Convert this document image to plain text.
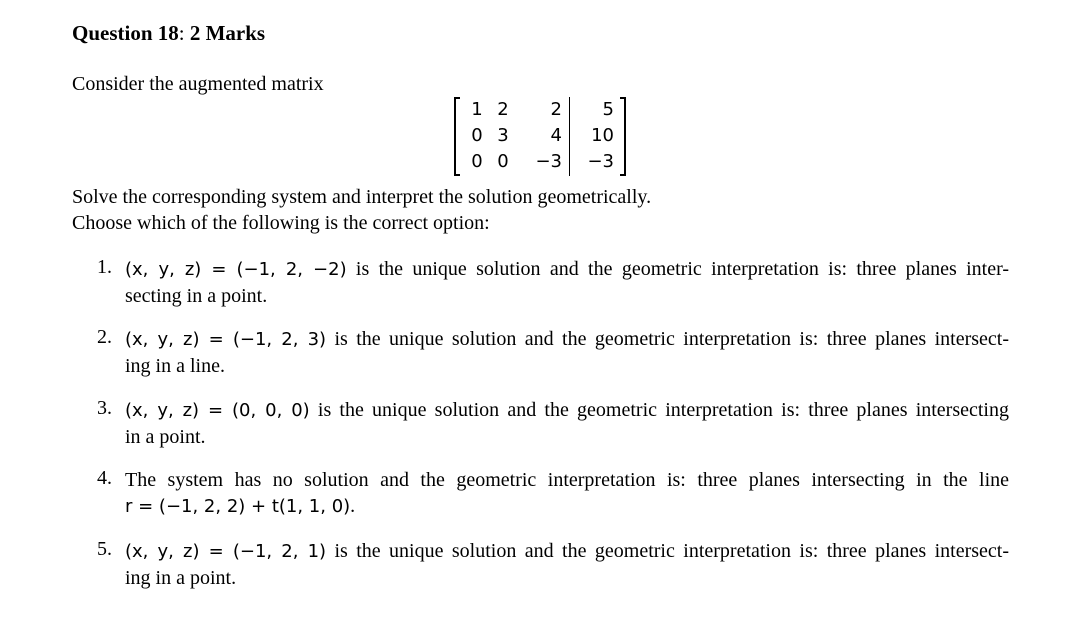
Question 18: 2 Marks
Consider the augmented matrix
1 2	2	5
0 3	4	10
0 0	−3	−3
Solve the corresponding system and interpret the solution geometrically.
Choose which of the following is the correct option:
1. (x, y, z) = (−1, 2, −2) is the unique solution and the geometric interpretation is: three planes inter-
secting in a point.
2. (x, y, z) = (−1, 2, 3) is the unique solution and the geometric interpretation is: three planes intersect-
ing in a line.
3. (x, y, z) = (0, 0, 0) is the unique solution and the geometric interpretation is: three planes intersecting
in a point.
4. The system has no solution and the geometric interpretation is: three planes intersecting in the line
r = (−1, 2, 2) + t(1, 1, 0).
5. (x, y, z) = (−1, 2, 1) is the unique solution and the geometric interpretation is: three planes intersect-
ing in a point.
